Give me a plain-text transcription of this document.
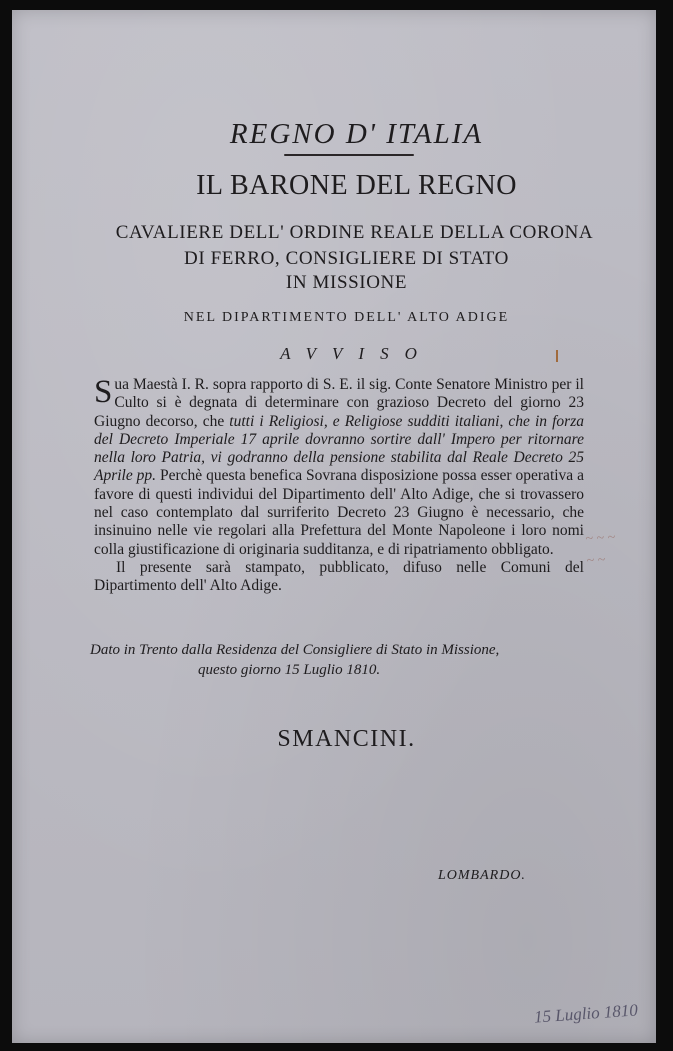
REGNO D' ITALIA
IL BARONE DEL REGNO
CAVALIERE DELL' ORDINE REALE DELLA CORONA
DI FERRO, CONSIGLIERE DI STATO
IN MISSIONE
NEL DIPARTIMENTO DELL' ALTO ADIGE
AVVISO

Sua Maestà I. R. sopra rapporto di S. E. il sig. Conte Senatore Ministro per il Culto si è degnata di determinare con grazioso Decreto del giorno 23 Giugno decorso, che tutti i Religiosi, e Religiose sudditi italiani, che in forza del Decreto Imperiale 17 aprile dovranno sortire dall' Impero per ritornare nella loro Patria, vi godranno della pensione stabilita dal Reale Decreto 25 Aprile pp. Perchè questa benefica Sovrana disposizione possa esser operativa a favore di questi individui del Dipartimento dell' Alto Adige, che si trovassero nel caso contemplato dal surriferito Decreto 23 Giugno è necessario, che insinuino nelle vie regolari alla Prefettura del Monte Napoleone i loro nomi colla giustificazione di originaria sudditanza, e di ripatriamento obbligato.

Il presente sarà stampato, pubblicato, difuso nelle Comuni del Dipartimento dell' Alto Adige.

~ ~ ~
~ ~
Dato in Trento dalla Residenza del Consigliere di Stato in Missione,
questo giorno 15 Luglio 1810.
SMANCINI.
LOMBARDO.
15 Luglio 1810
